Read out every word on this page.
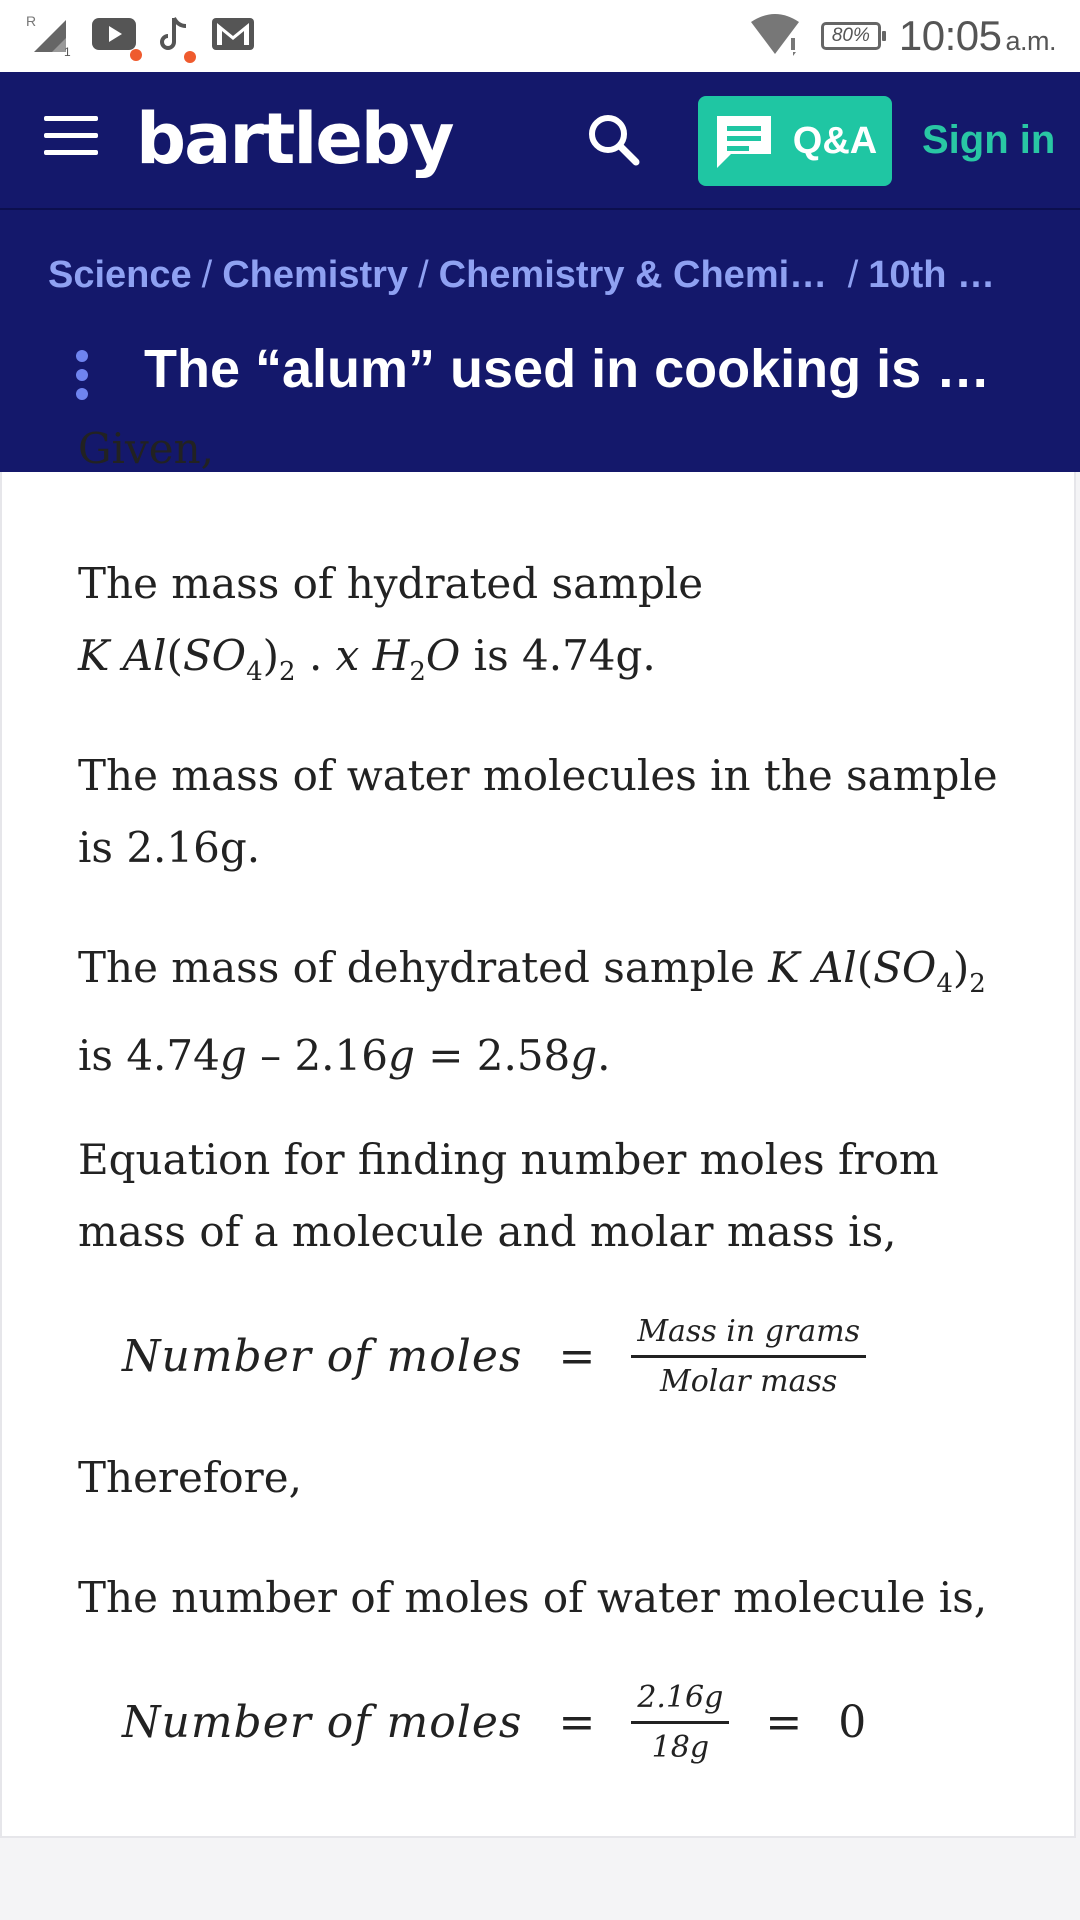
R
1
80% 10:05 a.m.
bartleby	Q&A Sign in
Science / Chemistry / Chemistry & Chemi… / 10th …
The “alum” used in cooking is …
Given,
The mass of hydrated sample
K $Al(SO_4)_2$ . x $H_2O$ is 4.74g.
The mass of water molecules in the sample is 2.16g.
The mass of dehydrated sample K $Al(SO_4)_2$
is 4.74g – 2.16g = 2.58g.
Equation for finding number moles from mass of a molecule and molar mass is,
Number of moles = $\frac{\text{Mass in grams}}{\text{Molar mass}}$
Therefore,
The number of moles of water molecule is,
Number of moles = $\frac{2.16g}{18g} = 0$
